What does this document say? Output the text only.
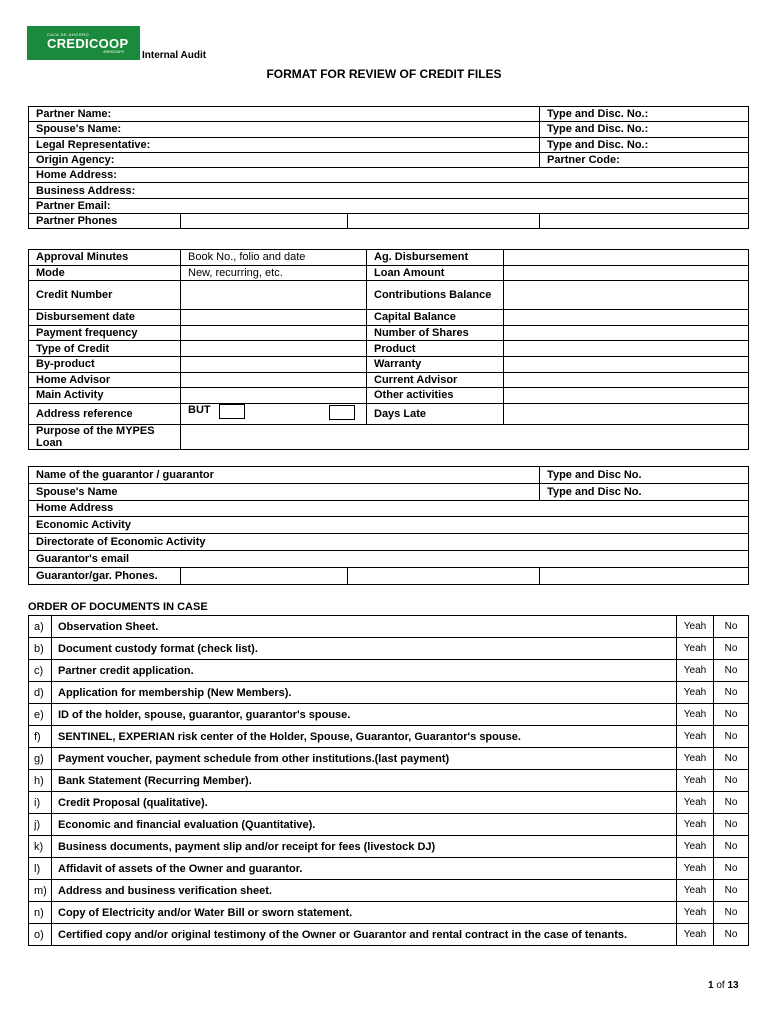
CAJA DE AHORRO
CREDICOOP
ARRIGOAPS	Internal Audit
FORMAT FOR REVIEW OF CREDIT FILES
Partner Name:			Type and Disc. No.:
Spouse's Name:			Type and Disc. No.:
Legal Representative:			Type and Disc. No.:
Origin Agency:			Partner Code:
Home Address:			
Business Address:			
Partner Email:			
Partner Phones			
Approval Minutes	Book No., folio and date	Ag. Disbursement	
Mode	New, recurring, etc.	Loan Amount	
Credit Number		Contributions Balance	
Disbursement date		Capital Balance	
Payment frequency		Number of Shares	
Type of Credit		Product	
By-product		Warranty	
Home Advisor		Current Advisor	
Main Activity		Other activities	
Address reference	BUT	Days Late	
Purpose of the MYPES Loan			
Name of the guarantor / guarantor			Type and Disc No.
Spouse's Name			Type and Disc No.
Home Address			
Economic Activity			
Directorate of Economic Activity			
Guarantor's email			
Guarantor/gar. Phones.			
ORDER OF DOCUMENTS IN CASE
a)	Observation Sheet.	Yeah	No
b)	Document custody format (check list).	Yeah	No
c)	Partner credit application.	Yeah	No
d)	Application for membership (New Members).	Yeah	No
e)	ID of the holder, spouse, guarantor, guarantor's spouse.	Yeah	No
f)	SENTINEL, EXPERIAN risk center of the Holder, Spouse, Guarantor, Guarantor's spouse.	Yeah	No
g)	Payment voucher, payment schedule from other institutions.(last payment)	Yeah	No
h)	Bank Statement (Recurring Member).	Yeah	No
i)	Credit Proposal (qualitative).	Yeah	No
j)	Economic and financial evaluation (Quantitative).	Yeah	No
k)	Business documents, payment slip and/or receipt for fees (livestock DJ)	Yeah	No
l)	Affidavit of assets of the Owner and guarantor.	Yeah	No
m)	Address and business verification sheet.	Yeah	No
n)	Copy of Electricity and/or Water Bill or sworn statement.	Yeah	No
o)	Certified copy and/or original testimony of the Owner or Guarantor and rental contract in the case of tenants.	Yeah	No
1 of 13
